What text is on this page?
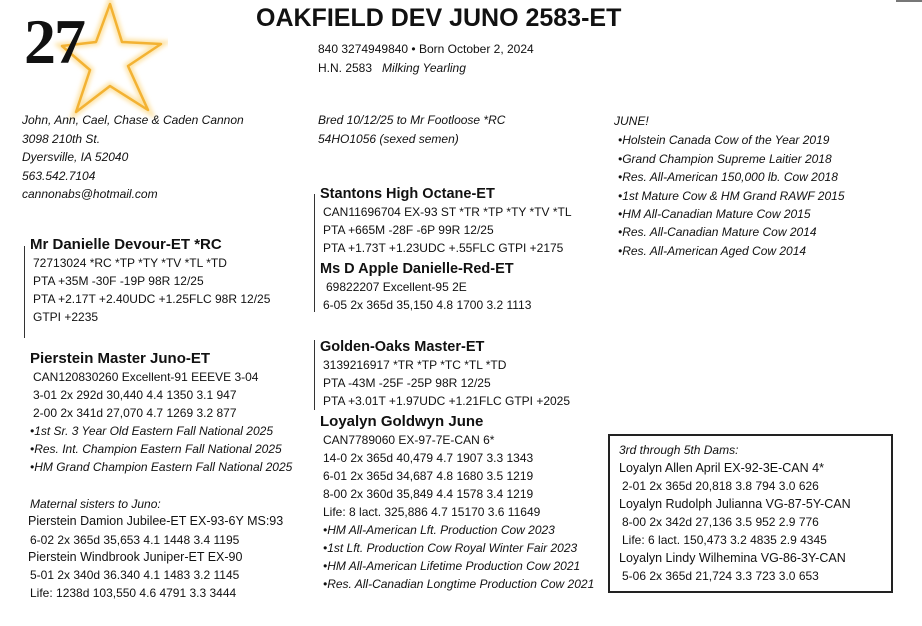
27	OAKFIELD DEV JUNO 2583-ET
840 3274949840 • Born October 2, 2024
H.N. 2583 Milking Yearling
John, Ann, Cael, Chase & Caden Cannon
3098 210th St.
Dyersville, IA 52040
563.542.7104
cannonabs@hotmail.com
Bred 10/12/25 to Mr Footloose *RC
54HO1056 (sexed semen)
JUNE!
•Holstein Canada Cow of the Year 2019
•Grand Champion Supreme Laitier 2018
•Res. All-American 150,000 lb. Cow 2018
•1st Mature Cow & HM Grand RAWF 2015
•HM All-Canadian Mature Cow 2015
•Res. All-Canadian Mature Cow 2014
•Res. All-American Aged Cow 2014
Mr Danielle Devour-ET *RC
72713024 *RC *TP *TY *TV *TL *TD
PTA +35M -30F -19P 98R 12/25
PTA +2.17T +2.40UDC +1.25FLC 98R 12/25
GTPI +2235
Pierstein Master Juno-ET
CAN120830260 Excellent-91 EEEVE 3-04
3-01 2x 292d 30,440 4.4 1350 3.1 947
2-00 2x 341d 27,070 4.7 1269 3.2 877
•1st Sr. 3 Year Old Eastern Fall National 2025
•Res. Int. Champion Eastern Fall National 2025
•HM Grand Champion Eastern Fall National 2025
Maternal sisters to Juno:
Pierstein Damion Jubilee-ET EX-93-6Y MS:93
6-02 2x 365d 35,653 4.1 1448 3.4 1195
Pierstein Windbrook Juniper-ET EX-90
5-01 2x 340d 36.340 4.1 1483 3.2 1145
Life: 1238d 103,550 4.6 4791 3.3 3444
Stantons High Octane-ET
CAN11696704 EX-93 ST *TR *TP *TY *TV *TL
PTA +665M -28F -6P 99R 12/25
PTA +1.73T +1.23UDC +.55FLC GTPI +2175
Ms D Apple Danielle-Red-ET
69822207 Excellent-95 2E
6-05 2x 365d 35,150 4.8 1700 3.2 1113
Golden-Oaks Master-ET
3139216917 *TR *TP *TC *TL *TD
PTA -43M -25F -25P 98R 12/25
PTA +3.01T +1.97UDC +1.21FLC GTPI +2025
Loyalyn Goldwyn June
CAN7789060 EX-97-7E-CAN 6*
14-0 2x 365d 40,479 4.7 1907 3.3 1343
6-01 2x 365d 34,687 4.8 1680 3.5 1219
8-00 2x 360d 35,849 4.4 1578 3.4 1219
Life: 8 lact. 325,886 4.7 15170 3.6 11649
•HM All-American Lft. Production Cow 2023
•1st Lft. Production Cow Royal Winter Fair 2023
•HM All-American Lifetime Production Cow 2021
•Res. All-Canadian Longtime Production Cow 2021
3rd through 5th Dams:
Loyalyn Allen April EX-92-3E-CAN 4*
2-01 2x 365d 20,818 3.8 794 3.0 626
Loyalyn Rudolph Julianna VG-87-5Y-CAN
8-00 2x 342d 27,136 3.5 952 2.9 776
Life: 6 lact. 150,473 3.2 4835 2.9 4345
Loyalyn Lindy Wilhemina VG-86-3Y-CAN
5-06 2x 365d 21,724 3.3 723 3.0 653
